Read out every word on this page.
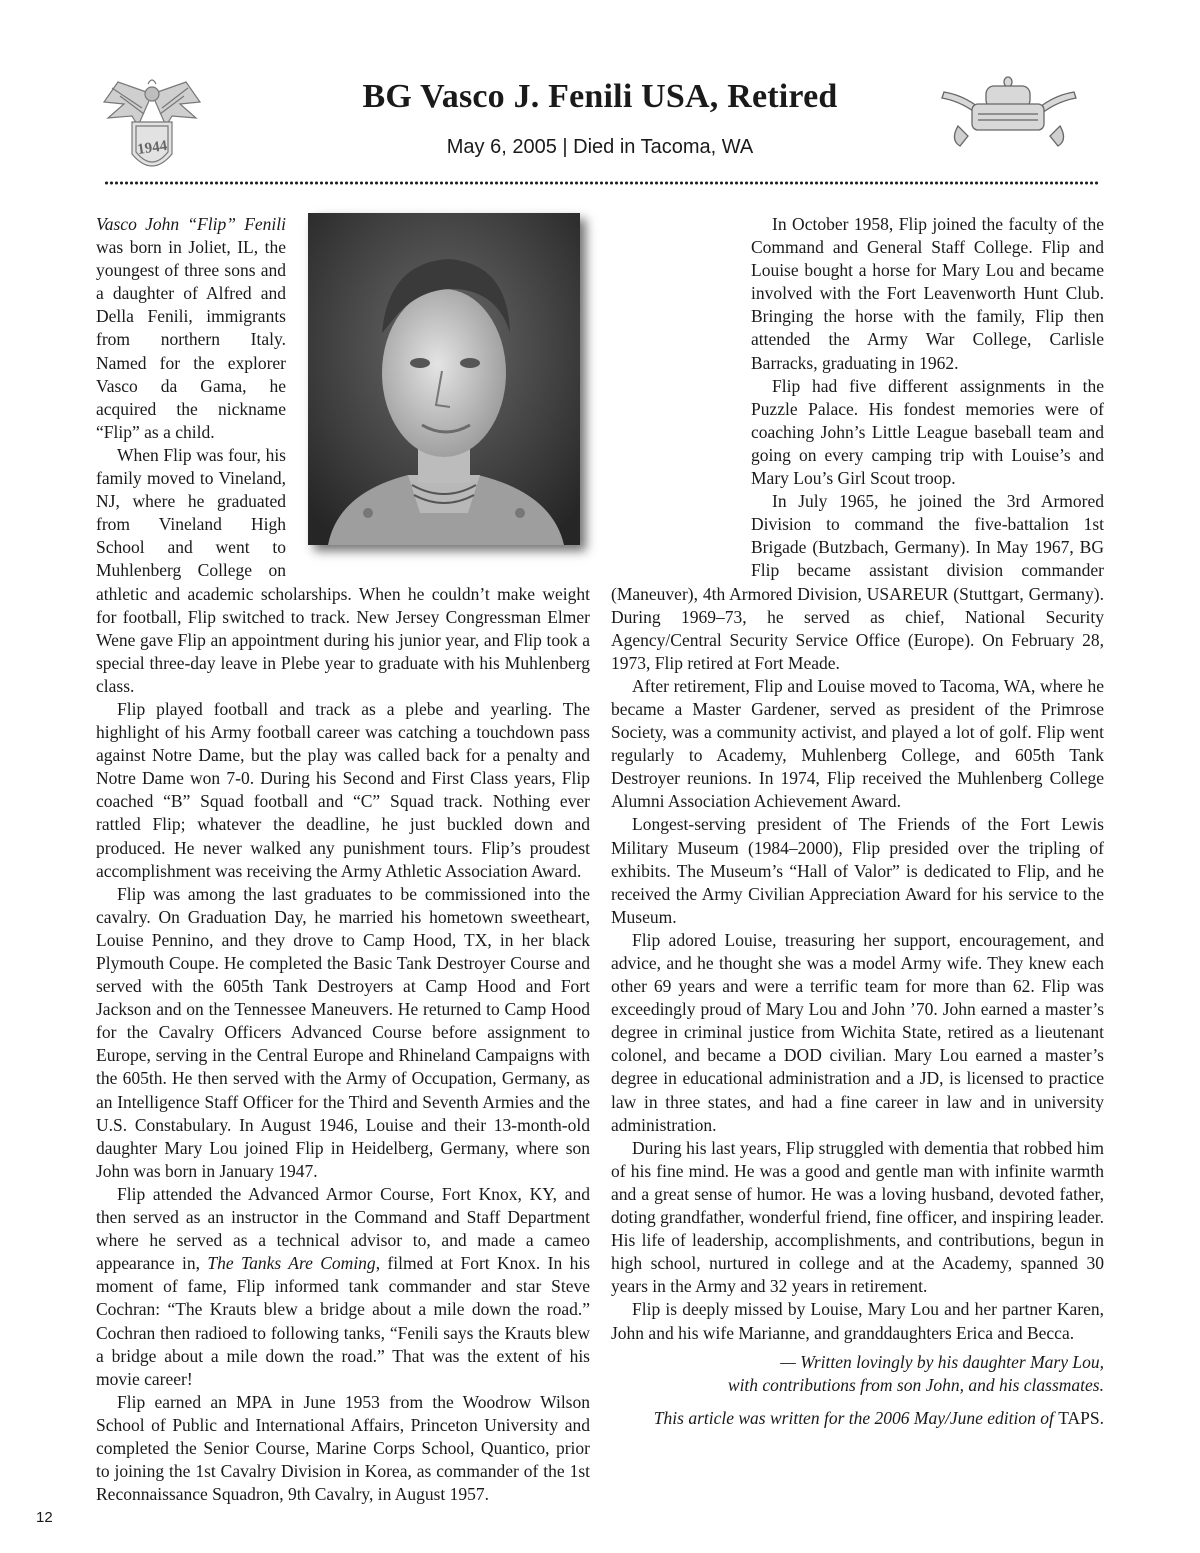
1944
BG Vasco J. Fenili USA, Retired
May 6, 2005 | Died in Tacoma, WA

Vasco John “Flip” Fenili was born in Joliet, IL, the youngest of three sons and a daughter of Alfred and Della Fenili, immigrants from northern Italy. Named for the explorer Vasco da Gama, he acquired the nickname “Flip” as a child.

When Flip was four, his family moved to Vineland, NJ, where he graduated from Vineland High School and went to Muhlenberg College on athletic and academic scholarships. When he couldn’t make weight for football, Flip switched to track. New Jersey Congressman Elmer Wene gave Flip an appointment during his junior year, and Flip took a special three-day leave in Plebe year to graduate with his Muhlenberg class.

Flip played football and track as a plebe and yearling. The highlight of his Army football career was catching a touchdown pass against Notre Dame, but the play was called back for a penalty and Notre Dame won 7-0. During his Second and First Class years, Flip coached “B” Squad football and “C” Squad track. Nothing ever rattled Flip; whatever the deadline, he just buckled down and produced. He never walked any punishment tours. Flip’s proudest accomplishment was receiving the Army Athletic Association Award.

Flip was among the last graduates to be commissioned into the cavalry. On Graduation Day, he married his hometown sweetheart, Louise Pennino, and they drove to Camp Hood, TX, in her black Plymouth Coupe. He completed the Basic Tank Destroyer Course and served with the 605th Tank Destroyers at Camp Hood and Fort Jackson and on the Tennessee Maneuvers. He returned to Camp Hood for the Cavalry Officers Advanced Course before assignment to Europe, serving in the Central Europe and Rhineland Campaigns with the 605th. He then served with the Army of Occupation, Germany, as an Intelligence Staff Officer for the Third and Seventh Armies and the U.S. Constabulary. In August 1946, Louise and their 13-month-old daughter Mary Lou joined Flip in Heidelberg, Germany, where son John was born in January 1947.

Flip attended the Advanced Armor Course, Fort Knox, KY, and then served as an instructor in the Command and Staff Department where he served as a technical advisor to, and made a cameo appearance in, The Tanks Are Coming, filmed at Fort Knox. In his moment of fame, Flip informed tank commander and star Steve Cochran: “The Krauts blew a bridge about a mile down the road.” Cochran then radioed to following tanks, “Fenili says the Krauts blew a bridge about a mile down the road.” That was the extent of his movie career!

Flip earned an MPA in June 1953 from the Woodrow Wilson School of Public and International Affairs, Princeton University and completed the Senior Course, Marine Corps School, Quantico, prior to joining the 1st Cavalry Division in Korea, as commander of the 1st Reconnaissance Squadron, 9th Cavalry, in August 1957.

In October 1958, Flip joined the faculty of the Command and General Staff College. Flip and Louise bought a horse for Mary Lou and became involved with the Fort Leavenworth Hunt Club. Bringing the horse with the family, Flip then attended the Army War College, Carlisle Barracks, graduating in 1962.

Flip had five different assignments in the Puzzle Palace. His fondest memories were of coaching John’s Little League baseball team and going on every camping trip with Louise’s and Mary Lou’s Girl Scout troop.

In July 1965, he joined the 3rd Armored Division to command the five-battalion 1st Brigade (Butzbach, Germany). In May 1967, BG Flip became assistant division commander (Maneuver), 4th Armored Division, USAREUR (Stuttgart, Germany). During 1969–73, he served as chief, National Security Agency/Central Security Service Office (Europe). On February 28, 1973, Flip retired at Fort Meade.

After retirement, Flip and Louise moved to Tacoma, WA, where he became a Master Gardener, served as president of the Primrose Society, was a community activist, and played a lot of golf. Flip went regularly to Academy, Muhlenberg College, and 605th Tank Destroyer reunions. In 1974, Flip received the Muhlenberg College Alumni Association Achievement Award.

Longest-serving president of The Friends of the Fort Lewis Military Museum (1984–2000), Flip presided over the tripling of exhibits. The Museum’s “Hall of Valor” is dedicated to Flip, and he received the Army Civilian Appreciation Award for his service to the Museum.

Flip adored Louise, treasuring her support, encouragement, and advice, and he thought she was a model Army wife. They knew each other 69 years and were a terrific team for more than 62. Flip was exceedingly proud of Mary Lou and John ’70. John earned a master’s degree in criminal justice from Wichita State, retired as a lieutenant colonel, and became a DOD civilian. Mary Lou earned a master’s degree in educational administration and a JD, is licensed to practice law in three states, and had a fine career in law and in university administration.

During his last years, Flip struggled with dementia that robbed him of his fine mind. He was a good and gentle man with infinite warmth and a great sense of humor. He was a loving husband, devoted father, doting grandfather, wonderful friend, fine officer, and inspiring leader. His life of leadership, accomplishments, and contributions, begun in high school, nurtured in college and at the Academy, spanned 30 years in the Army and 32 years in retirement.

Flip is deeply missed by Louise, Mary Lou and her partner Karen, John and his wife Marianne, and granddaughters Erica and Becca.

— Written lovingly by his daughter Mary Lou,

with contributions from son John, and his classmates.

This article was written for the 2006 May/June edition of TAPS.

12
